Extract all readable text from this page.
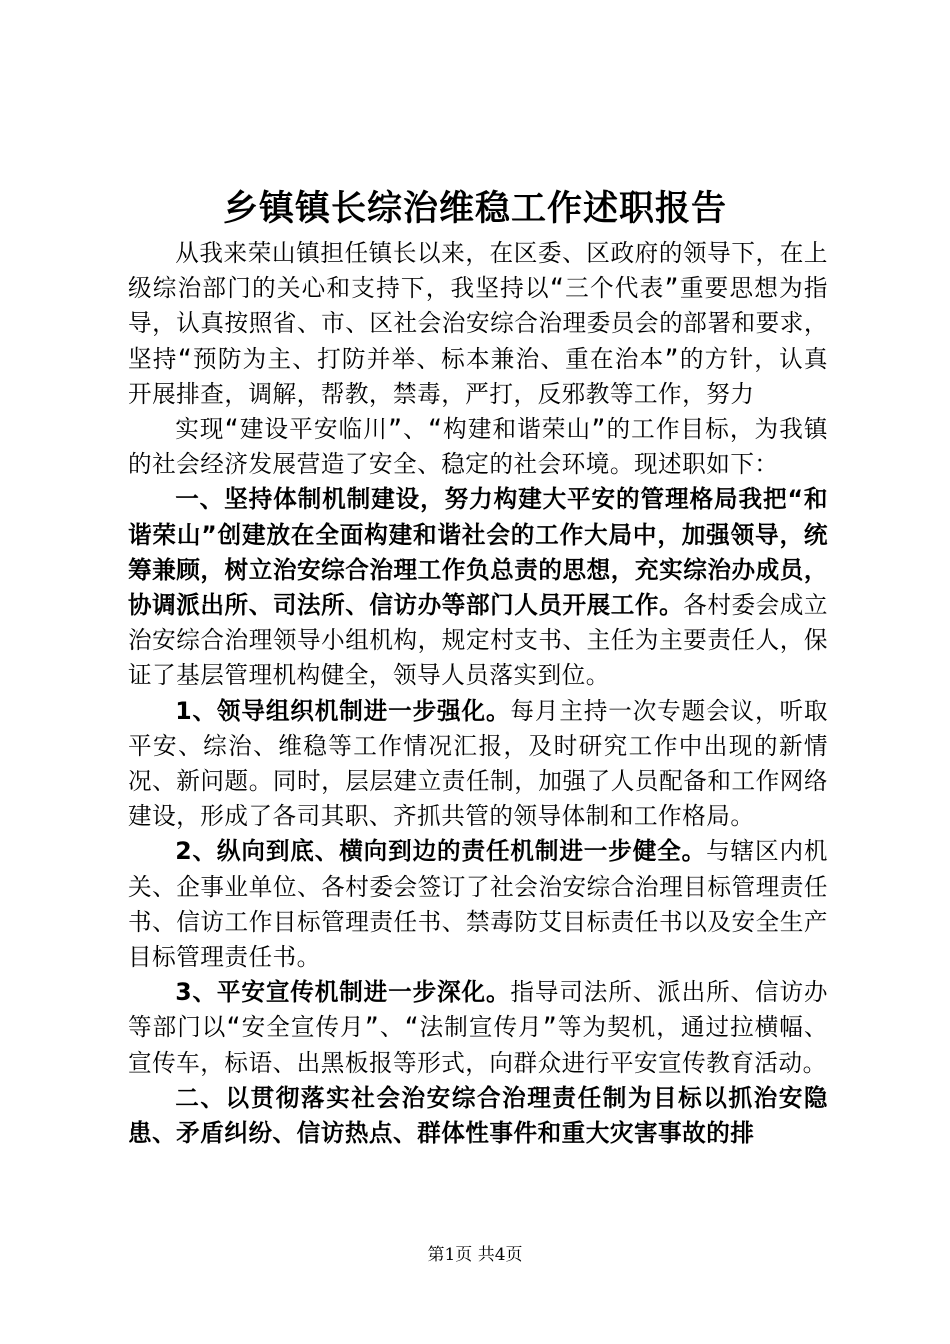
乡镇镇长综治维稳工作述职报告

从我来荣山镇担任镇长以来，在区委、区政府的领导下，在上级综治部门的关心和支持下，我坚持以“三个代表”重要思想为指导，认真按照省、市、区社会治安综合治理委员会的部署和要求，坚持“预防为主、打防并举、标本兼治、重在治本”的方针，认真开展排查，调解，帮教，禁毒，严打，反邪教等工作，努力

实现“建设平安临川”、“构建和谐荣山”的工作目标，为我镇的社会经济发展营造了安全、稳定的社会环境。现述职如下：

一、坚持体制机制建设，努力构建大平安的管理格局我把“和谐荣山”创建放在全面构建和谐社会的工作大局中，加强领导，统筹兼顾，树立治安综合治理工作负总责的思想，充实综治办成员，协调派出所、司法所、信访办等部门人员开展工作。各村委会成立治安综合治理领导小组机构，规定村支书、主任为主要责任人，保证了基层管理机构健全，领导人员落实到位。

1、领导组织机制进一步强化。每月主持一次专题会议，听取平安、综治、维稳等工作情况汇报，及时研究工作中出现的新情况、新问题。同时，层层建立责任制，加强了人员配备和工作网络建设，形成了各司其职、齐抓共管的领导体制和工作格局。

2、纵向到底、横向到边的责任机制进一步健全。与辖区内机关、企事业单位、各村委会签订了社会治安综合治理目标管理责任书、信访工作目标管理责任书、禁毒防艾目标责任书以及安全生产目标管理责任书。

3、平安宣传机制进一步深化。指导司法所、派出所、信访办等部门以“安全宣传月”、“法制宣传月”等为契机，通过拉横幅、宣传车，标语、出黑板报等形式，向群众进行平安宣传教育活动。

二、以贯彻落实社会治安综合治理责任制为目标以抓治安隐患、矛盾纠纷、信访热点、群体性事件和重大灾害事故的排

第1页 共4页
